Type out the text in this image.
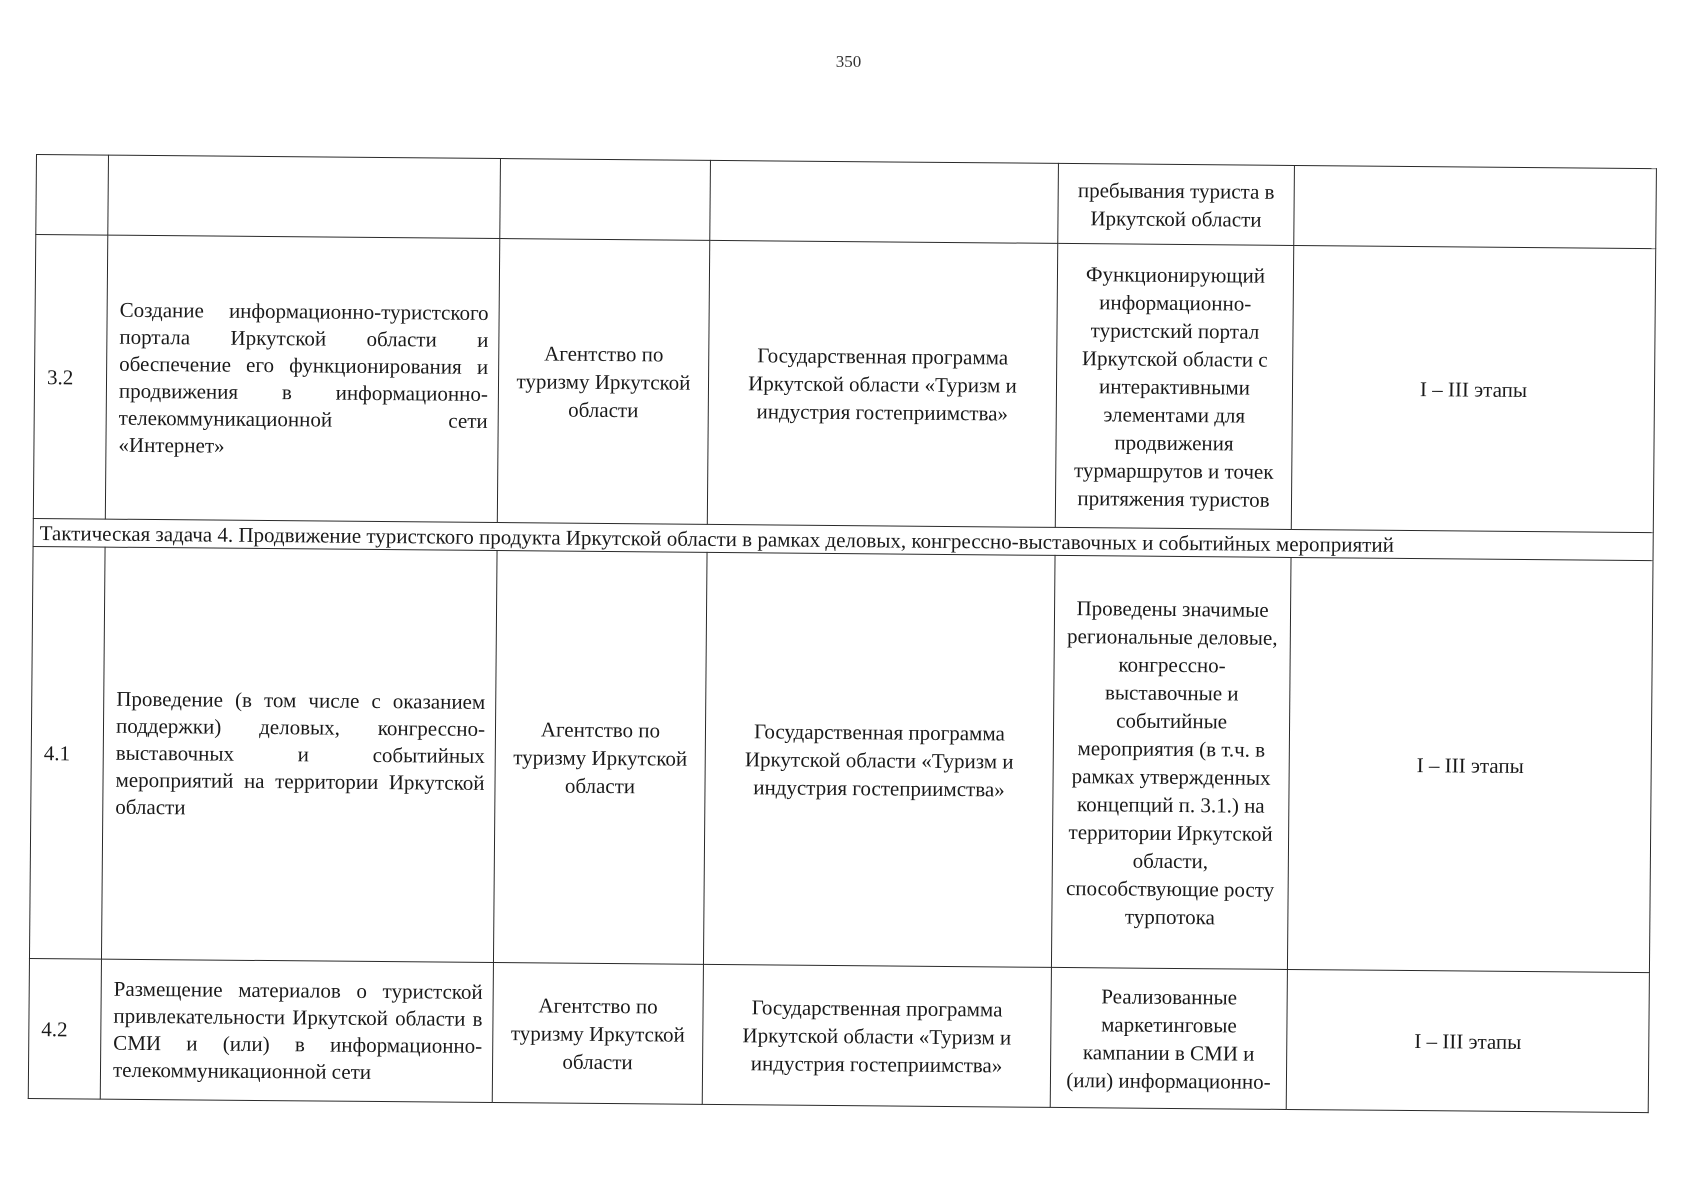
350
				пребывания туриста в Иркутской области	
3.2	Создание информационно-туристского портала Иркутской области и обеспечение его функционирования и продвижения в информационно-телекоммуникационной сети «Интернет»	Агентство по туризму Иркутской области	Государственная программа Иркутской области «Туризм и индустрия гостеприимства»	Функционирующий информационно-туристский портал Иркутской области с интерактивными элементами для продвижения турмаршрутов и точек притяжения туристов	I – III этапы
Тактическая задача 4. Продвижение туристского продукта Иркутской области в рамках деловых, конгрессно-выставочных и событийных мероприятий					
4.1	Проведение (в том числе с оказанием поддержки) деловых, конгрессно-выставочных и событийных мероприятий на территории Иркутской области	Агентство по туризму Иркутской области	Государственная программа Иркутской области «Туризм и индустрия гостеприимства»	Проведены значимые региональные деловые, конгрессно-выставочные и событийные мероприятия (в т.ч. в рамках утвержденных концепций п. 3.1.) на территории Иркутской области, способствующие росту турпотока	I – III этапы
4.2	Размещение материалов о туристской привлекательности Иркутской области в СМИ и (или) в информационно-телекоммуникационной сети	Агентство по туризму Иркутской области	Государственная программа Иркутской области «Туризм и индустрия гостеприимства»	Реализованные маркетинговые кампании в СМИ и (или) информационно-	I – III этапы
